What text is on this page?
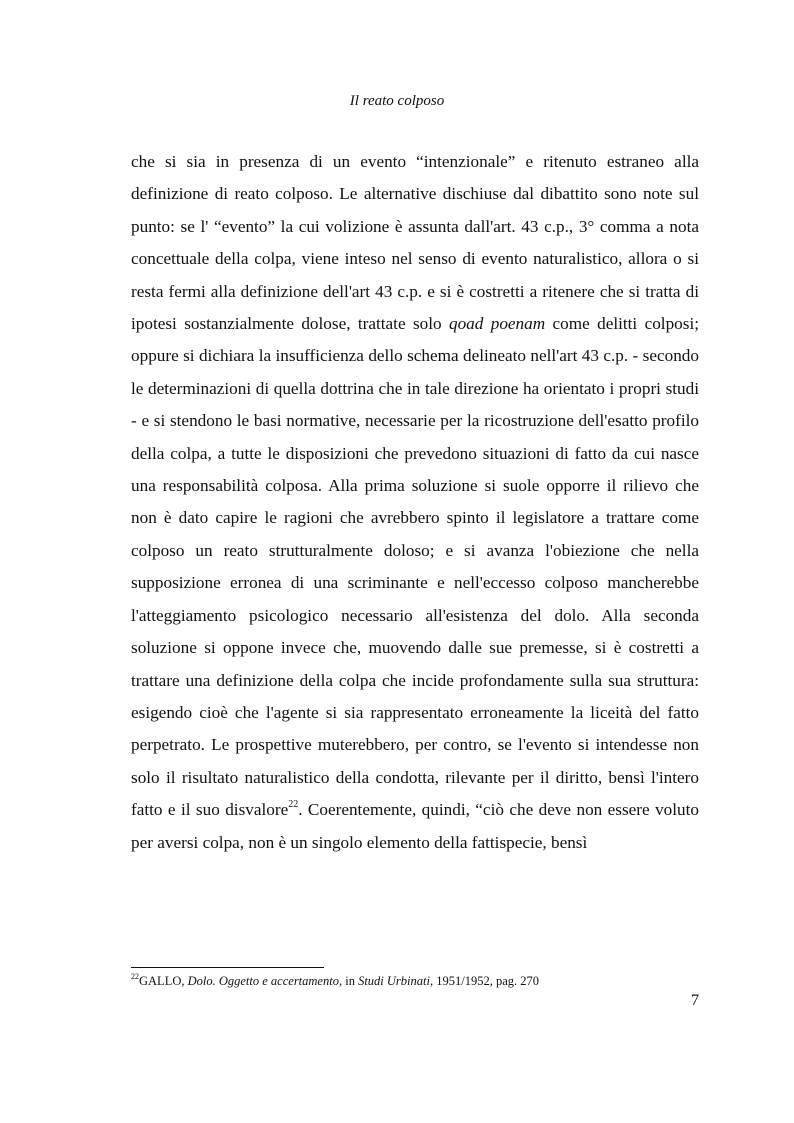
Il reato colposo

che si sia in presenza di un evento “intenzionale” e ritenuto estraneo alla definizione di reato colposo. Le alternative dischiuse dal dibattito sono note sul punto: se l' “evento” la cui volizione è assunta dall'art. 43 c.p., 3° comma a nota concettuale della colpa, viene inteso nel senso di evento naturalistico, allora o si resta fermi alla definizione dell'art 43 c.p. e si è costretti a ritenere che si tratta di ipotesi sostanzialmente dolose, trattate solo qoad poenam come delitti colposi; oppure si dichiara la insufficienza dello schema delineato nell'art 43 c.p. - secondo le determinazioni di quella dottrina che in tale direzione ha orientato i propri studi - e si stendono le basi normative, necessarie per la ricostruzione dell'esatto profilo della colpa, a tutte le disposizioni che prevedono situazioni di fatto da cui nasce una responsabilità colposa. Alla prima soluzione si suole opporre il rilievo che non è dato capire le ragioni che avrebbero spinto il legislatore a trattare come colposo un reato strutturalmente doloso; e si avanza l'obiezione che nella supposizione erronea di una scriminante e nell'eccesso colposo mancherebbe l'atteggiamento psicologico necessario all'esistenza del dolo. Alla seconda soluzione si oppone invece che, muovendo dalle sue premesse, si è costretti a trattare una definizione della colpa che incide profondamente sulla sua struttura: esigendo cioè che l'agente si sia rappresentato erroneamente la liceità del fatto perpetrato. Le prospettive muterebbero, per contro, se l'evento si intendesse non solo il risultato naturalistico della condotta, rilevante per il diritto, bensì l'intero fatto e il suo disvalore$^{22}$. Coerentemente, quindi, “ciò che deve non essere voluto per aversi colpa, non è un singolo elemento della fattispecie, bensì

$^{22}$GALLO, Dolo. Oggetto e accertamento, in Studi Urbinati, 1951/1952, pag. 270
7
